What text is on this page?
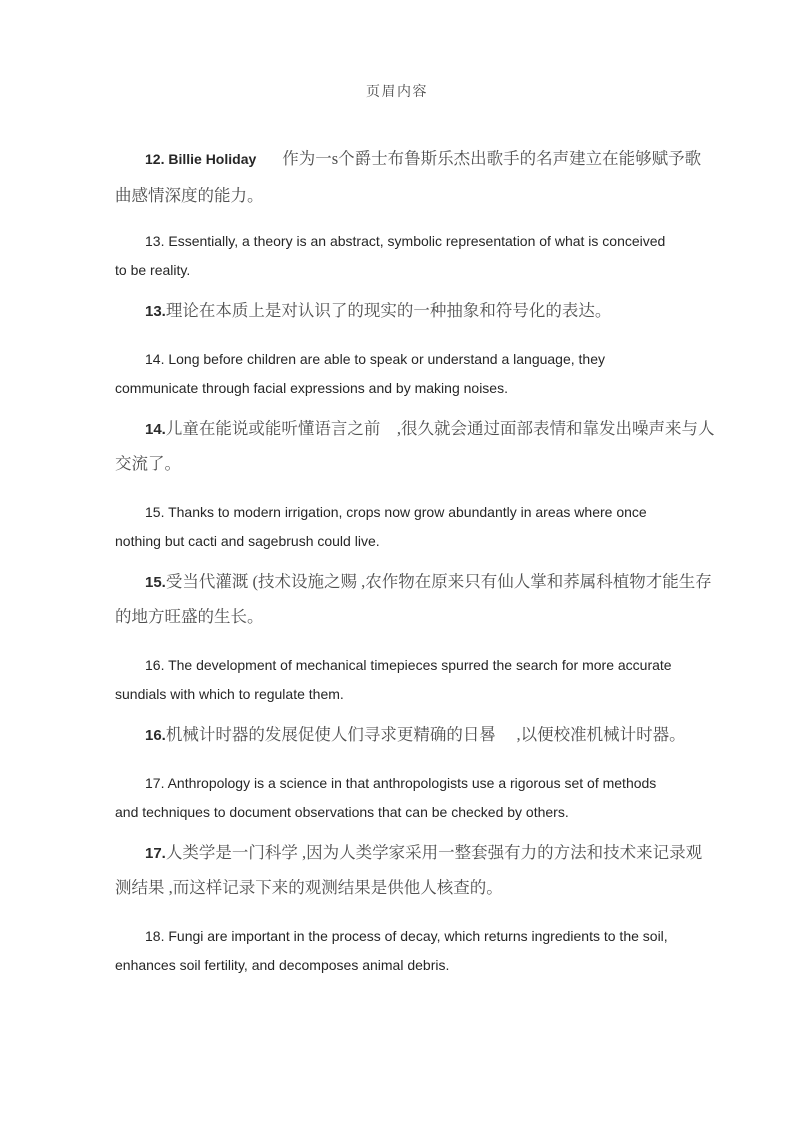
页眉内容
12. Billie Holiday 作为一s个爵士布鲁斯乐杰出歌手的名声建立在能够赋予歌
曲感情深度的能力。
13. Essentially, a theory is an abstract, symbolic representation of what is conceived
to be reality.
13.理论在本质上是对认识了的现实的一种抽象和符号化的表达。
14. Long before children are able to speak or understand a language, they
communicate through facial expressions and by making noises.
14.儿童在能说或能听懂语言之前　,很久就会通过面部表情和靠发出噪声来与人
交流了。
15. Thanks to modern irrigation, crops now grow abundantly in areas where once
nothing but cacti and sagebrush could live.
15.受当代灌溉 (技术设施之赐 ,农作物在原来只有仙人掌和荞属科植物才能生存
的地方旺盛的生长。
16. The development of mechanical timepieces spurred the search for more accurate
sundials with which to regulate them.
16.机械计时器的发展促使人们寻求更精确的日晷　 ,以便校准机械计时器。
17. Anthropology is a science in that anthropologists use a rigorous set of methods
and techniques to document observations that can be checked by others.
17.人类学是一门科学 ,因为人类学家采用一整套强有力的方法和技术来记录观
测结果 ,而这样记录下来的观测结果是供他人核查的。
18. Fungi are important in the process of decay, which returns ingredients to the soil,
enhances soil fertility, and decomposes animal debris.
